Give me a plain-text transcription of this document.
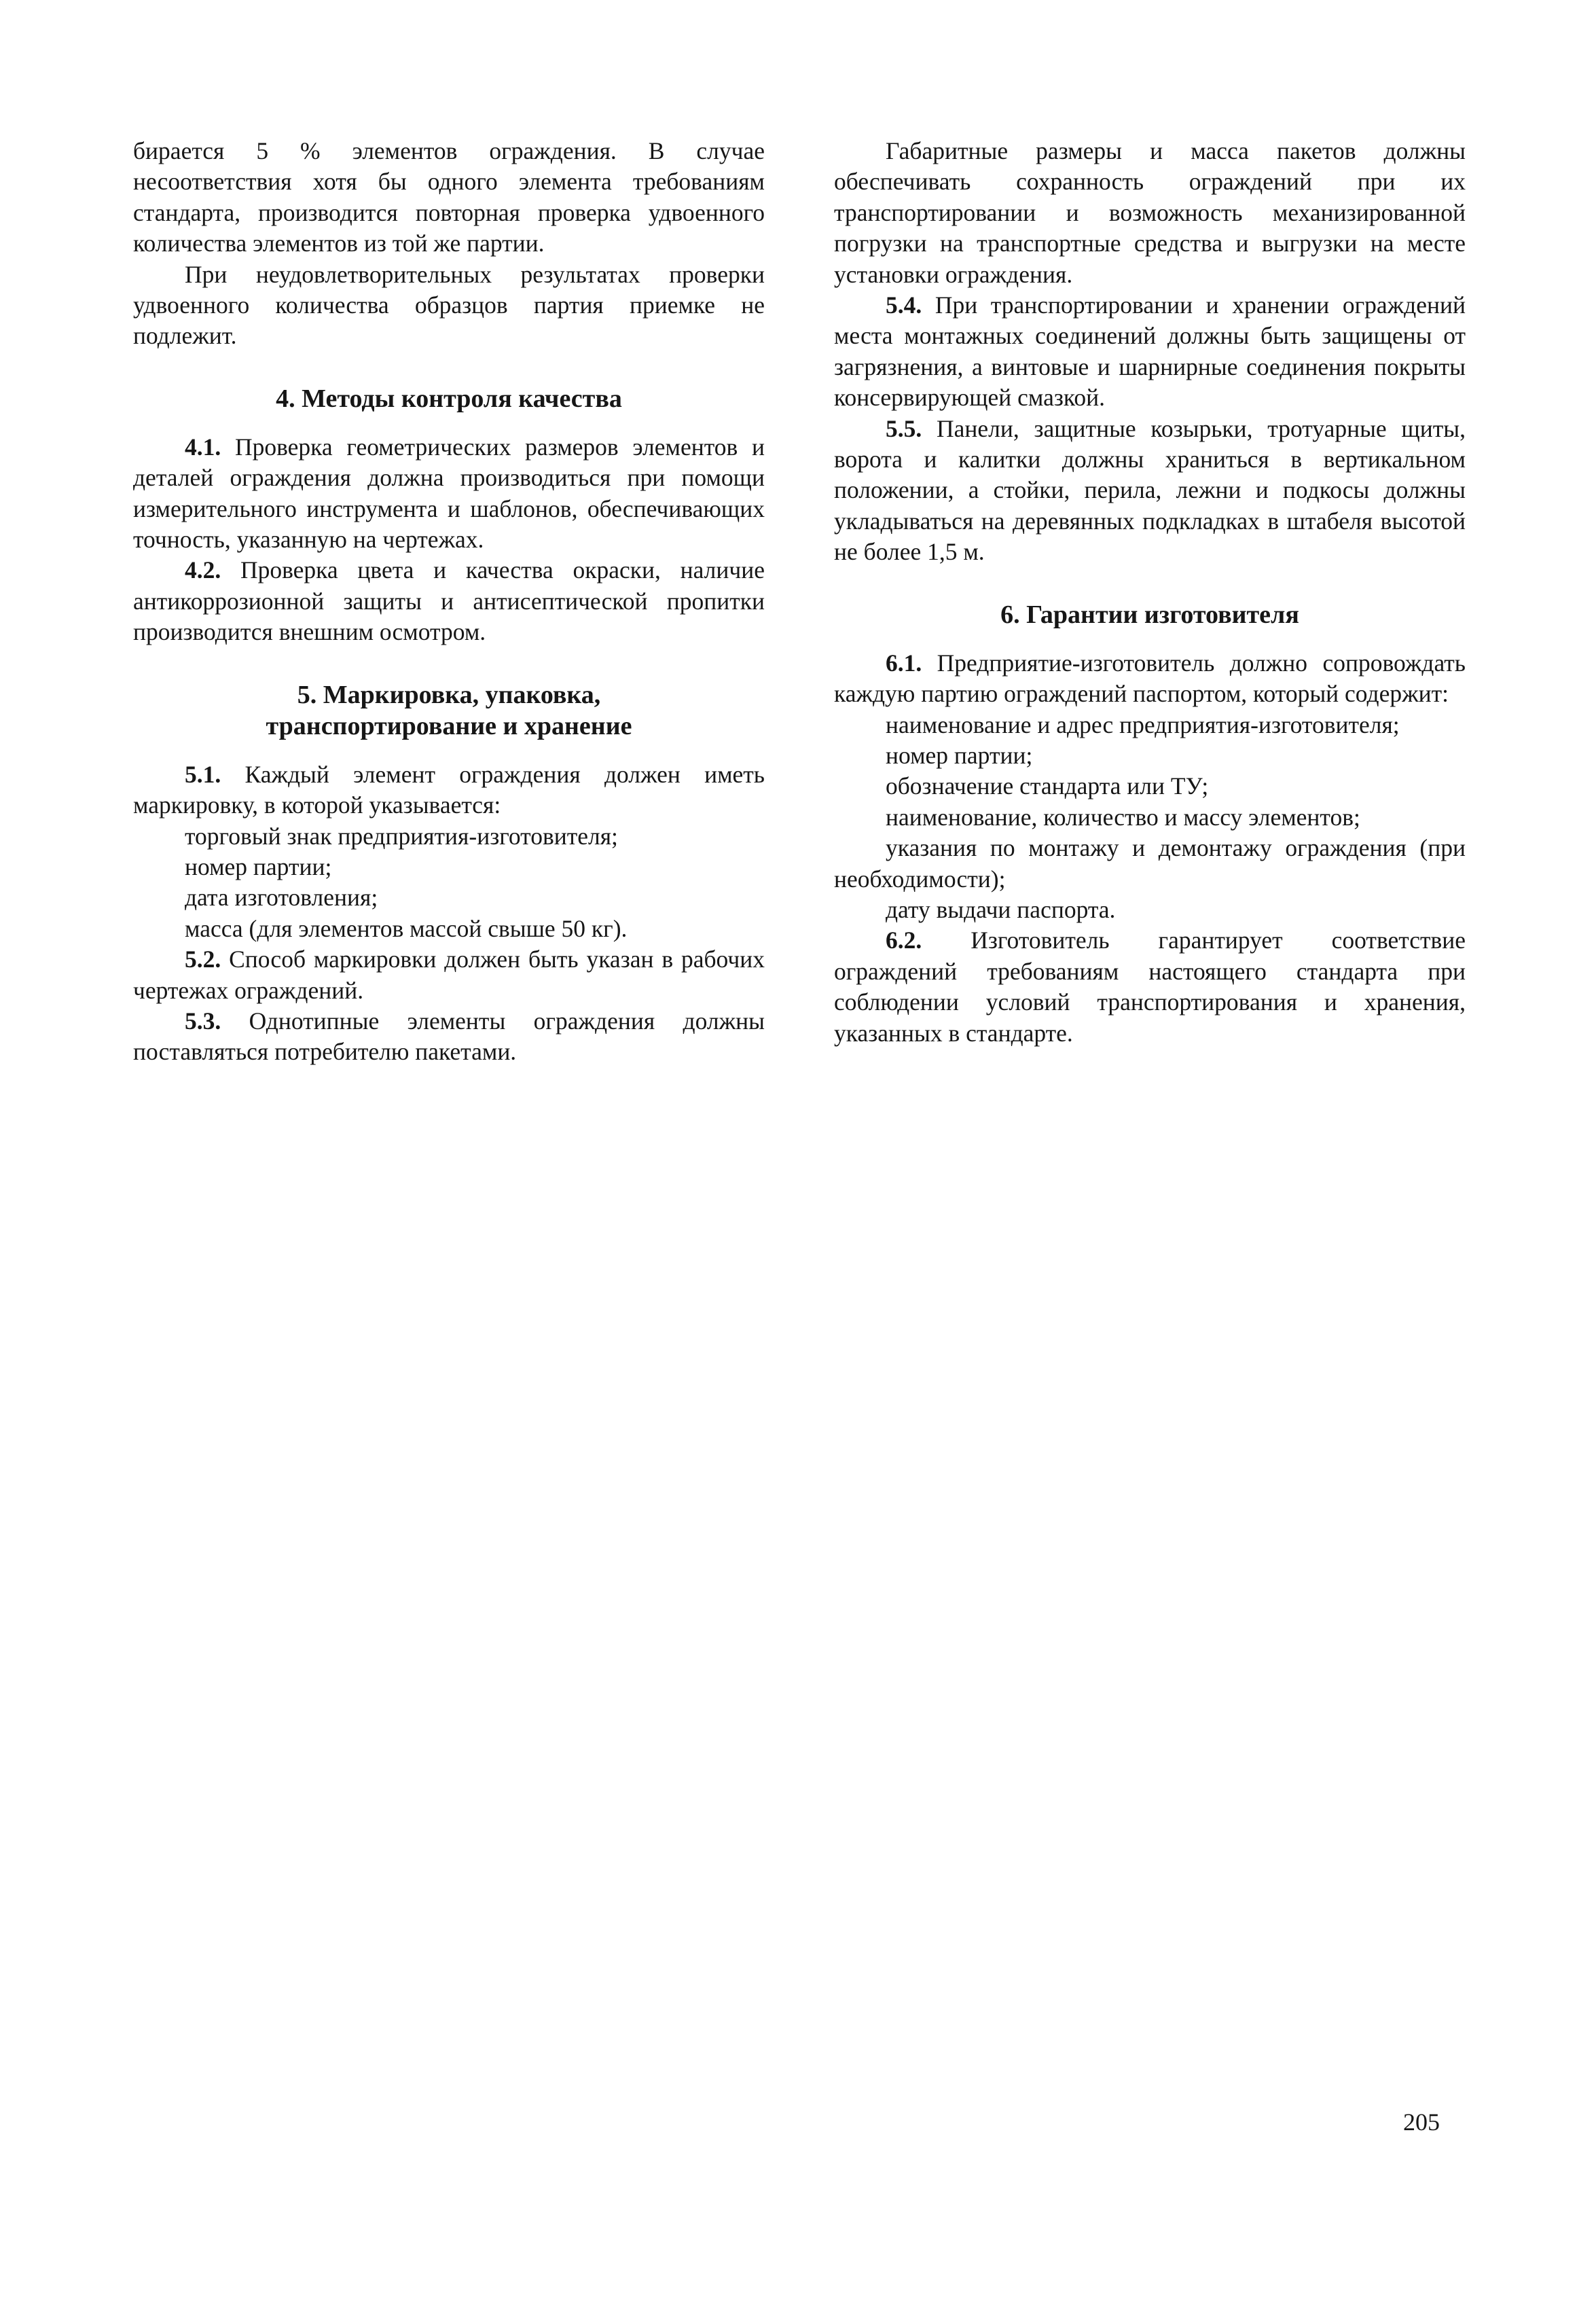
бирается 5 % элементов ограждения. В случае несоответствия хотя бы одного элемента требованиям стандарта, производится повторная проверка удвоенного количества элементов из той же партии.

При неудовлетворительных результатах проверки удвоенного количества образцов партия приемке не подлежит.

4. Методы контроля качества

4.1. Проверка геометрических размеров элементов и деталей ограждения должна производиться при помощи измерительного инструмента и шаблонов, обеспечивающих точность, указанную на чертежах.

4.2. Проверка цвета и качества окраски, наличие антикоррозионной защиты и антисептической пропитки производится внешним осмотром.

5. Маркировка, упаковка,
транспортирование и хранение

5.1. Каждый элемент ограждения должен иметь маркировку, в которой указывается:

торговый знак предприятия-изготовителя;

номер партии;

дата изготовления;

масса (для элементов массой свыше 50 кг).

5.2. Способ маркировки должен быть указан в рабочих чертежах ограждений.

5.3. Однотипные элементы ограждения должны поставляться потребителю пакетами.

Габаритные размеры и масса пакетов должны обеспечивать сохранность ограждений при их транспортировании и возможность механизированной погрузки на транспортные средства и выгрузки на месте установки ограждения.

5.4. При транспортировании и хранении ограждений места монтажных соединений должны быть защищены от загрязнения, а винтовые и шарнирные соединения покрыты консервирующей смазкой.

5.5. Панели, защитные козырьки, тротуарные щиты, ворота и калитки должны храниться в вертикальном положении, а стойки, перила, лежни и подкосы должны укладываться на деревянных подкладках в штабеля высотой не более 1,5 м.

6. Гарантии изготовителя

6.1. Предприятие-изготовитель должно сопровождать каждую партию ограждений паспортом, который содержит:

наименование и адрес предприятия-изготовителя;

номер партии;

обозначение стандарта или ТУ;

наименование, количество и массу элементов;

указания по монтажу и демонтажу ограждения (при необходимости);

дату выдачи паспорта.

6.2. Изготовитель гарантирует соответствие ограждений требованиям настоящего стандарта при соблюдении условий транспортирования и хранения, указанных в стандарте.

205
